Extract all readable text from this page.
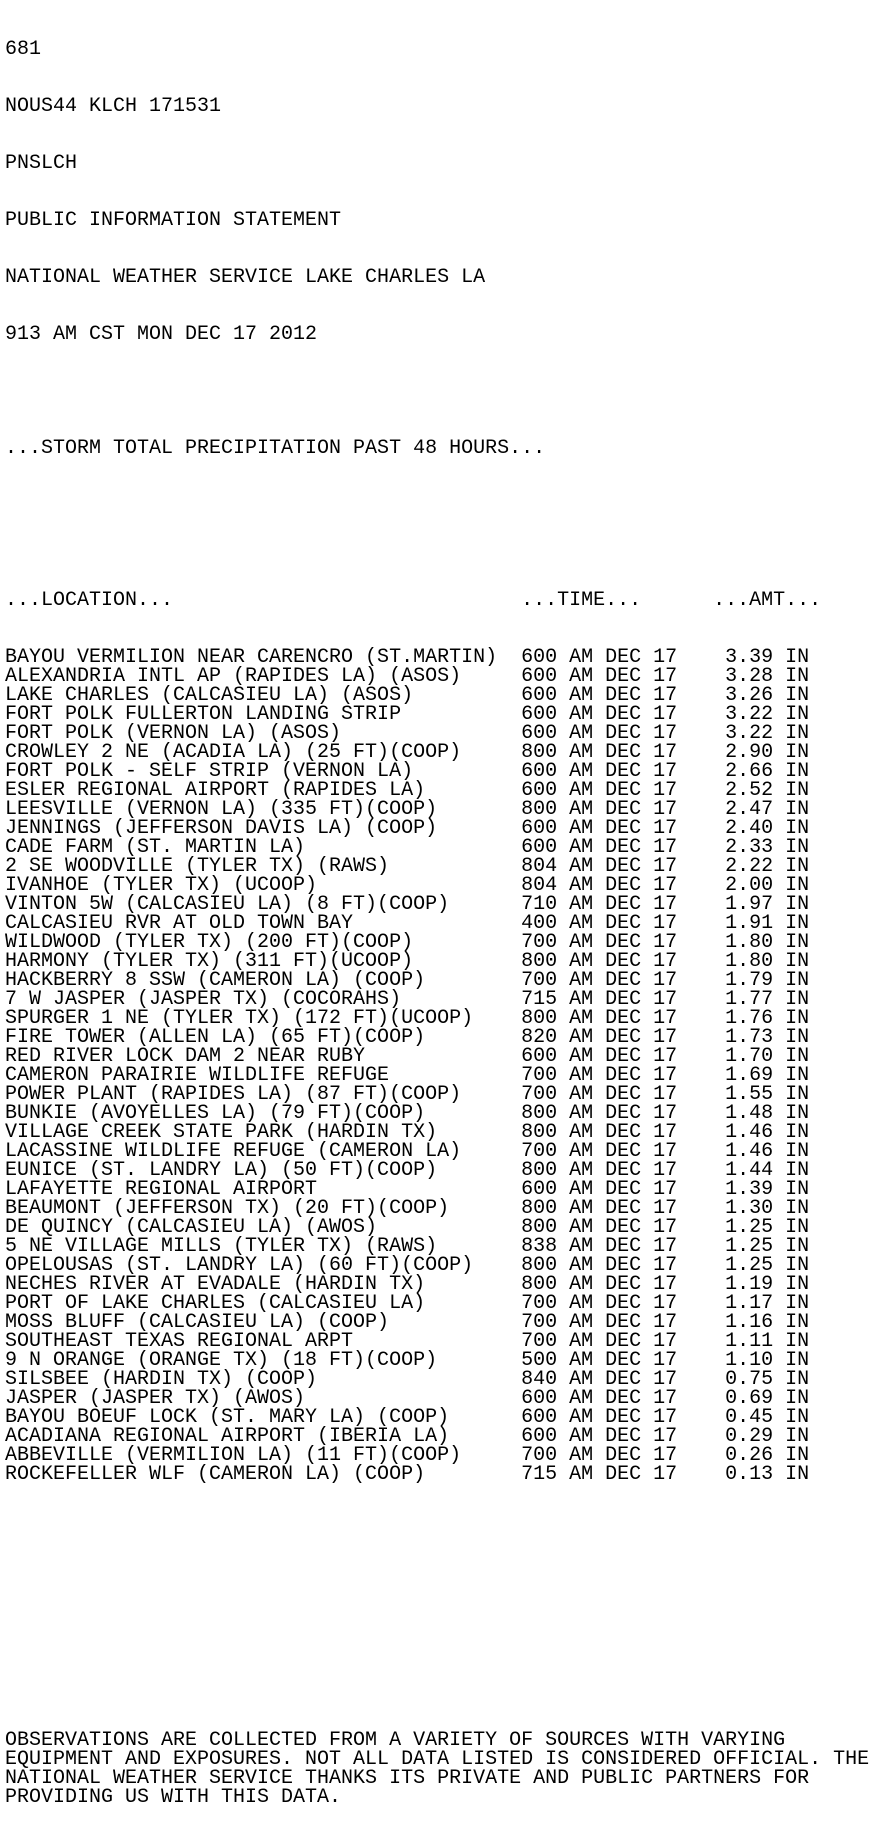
681

NOUS44 KLCH 171531

PNSLCH

PUBLIC INFORMATION STATEMENT

NATIONAL WEATHER SERVICE LAKE CHARLES LA

913 AM CST MON DEC 17 2012

...STORM TOTAL PRECIPITATION PAST 48 HOURS...

...LOCATION...	...TIME...	...AMT...

BAYOU VERMILION NEAR CARENCRO (ST.MARTIN) 600 AM DEC 17 3.39 IN
ALEXANDRIA INTL AP (RAPIDES LA) (ASOS)	600 AM DEC 17 3.28 IN
LAKE CHARLES (CALCASIEU LA) (ASOS)	600 AM DEC 17 3.26 IN
FORT POLK FULLERTON LANDING STRIP	600 AM DEC 17 3.22 IN
FORT POLK (VERNON LA) (ASOS)	600 AM DEC 17 3.22 IN
CROWLEY 2 NE (ACADIA LA) (25 FT)(COOP)	800 AM DEC 17 2.90 IN
FORT POLK - SELF STRIP (VERNON LA)	600 AM DEC 17 2.66 IN
ESLER REGIONAL AIRPORT (RAPIDES LA)	600 AM DEC 17 2.52 IN
LEESVILLE (VERNON LA) (335 FT)(COOP)	800 AM DEC 17 2.47 IN
JENNINGS (JEFFERSON DAVIS LA) (COOP)	600 AM DEC 17 2.40 IN
CADE FARM (ST. MARTIN LA)	600 AM DEC 17 2.33 IN
2 SE WOODVILLE (TYLER TX) (RAWS)	804 AM DEC 17 2.22 IN
IVANHOE (TYLER TX) (UCOOP)	804 AM DEC 17 2.00 IN
VINTON 5W (CALCASIEU LA) (8 FT)(COOP)	710 AM DEC 17 1.97 IN
CALCASIEU RVR AT OLD TOWN BAY	400 AM DEC 17 1.91 IN
WILDWOOD (TYLER TX) (200 FT)(COOP)	700 AM DEC 17 1.80 IN
HARMONY (TYLER TX) (311 FT)(UCOOP)	800 AM DEC 17 1.80 IN
HACKBERRY 8 SSW (CAMERON LA) (COOP)	700 AM DEC 17 1.79 IN
7 W JASPER (JASPER TX) (COCORAHS)	715 AM DEC 17 1.77 IN
SPURGER 1 NE (TYLER TX) (172 FT)(UCOOP) 800 AM DEC 17 1.76 IN
FIRE TOWER (ALLEN LA) (65 FT)(COOP)	820 AM DEC 17 1.73 IN
RED RIVER LOCK DAM 2 NEAR RUBY	600 AM DEC 17 1.70 IN
CAMERON PARAIRIE WILDLIFE REFUGE	700 AM DEC 17 1.69 IN
POWER PLANT (RAPIDES LA) (87 FT)(COOP)	700 AM DEC 17 1.55 IN
BUNKIE (AVOYELLES LA) (79 FT)(COOP)	800 AM DEC 17 1.48 IN
VILLAGE CREEK STATE PARK (HARDIN TX)	800 AM DEC 17 1.46 IN
LACASSINE WILDLIFE REFUGE (CAMERON LA)	700 AM DEC 17 1.46 IN
EUNICE (ST. LANDRY LA) (50 FT)(COOP)	800 AM DEC 17 1.44 IN
LAFAYETTE REGIONAL AIRPORT	600 AM DEC 17 1.39 IN
BEAUMONT (JEFFERSON TX) (20 FT)(COOP)	800 AM DEC 17 1.30 IN
DE QUINCY (CALCASIEU LA) (AWOS)	800 AM DEC 17 1.25 IN
5 NE VILLAGE MILLS (TYLER TX) (RAWS)	838 AM DEC 17 1.25 IN
OPELOUSAS (ST. LANDRY LA) (60 FT)(COOP) 800 AM DEC 17 1.25 IN
NECHES RIVER AT EVADALE (HARDIN TX)	800 AM DEC 17 1.19 IN
PORT OF LAKE CHARLES (CALCASIEU LA)	700 AM DEC 17 1.17 IN
MOSS BLUFF (CALCASIEU LA) (COOP)	700 AM DEC 17 1.16 IN
SOUTHEAST TEXAS REGIONAL ARPT	700 AM DEC 17 1.11 IN
9 N ORANGE (ORANGE TX) (18 FT)(COOP)	500 AM DEC 17 1.10 IN
SILSBEE (HARDIN TX) (COOP)	840 AM DEC 17 0.75 IN
JASPER (JASPER TX) (AWOS)	600 AM DEC 17 0.69 IN
BAYOU BOEUF LOCK (ST. MARY LA) (COOP)	600 AM DEC 17 0.45 IN
ACADIANA REGIONAL AIRPORT (IBERIA LA)	600 AM DEC 17 0.29 IN
ABBEVILLE (VERMILION LA) (11 FT)(COOP)	700 AM DEC 17 0.26 IN
ROCKEFELLER WLF (CAMERON LA) (COOP)	715 AM DEC 17 0.13 IN

OBSERVATIONS ARE COLLECTED FROM A VARIETY OF SOURCES WITH VARYING
EQUIPMENT AND EXPOSURES. NOT ALL DATA LISTED IS CONSIDERED OFFICIAL. THE
NATIONAL WEATHER SERVICE THANKS ITS PRIVATE AND PUBLIC PARTNERS FOR
PROVIDING US WITH THIS DATA.
